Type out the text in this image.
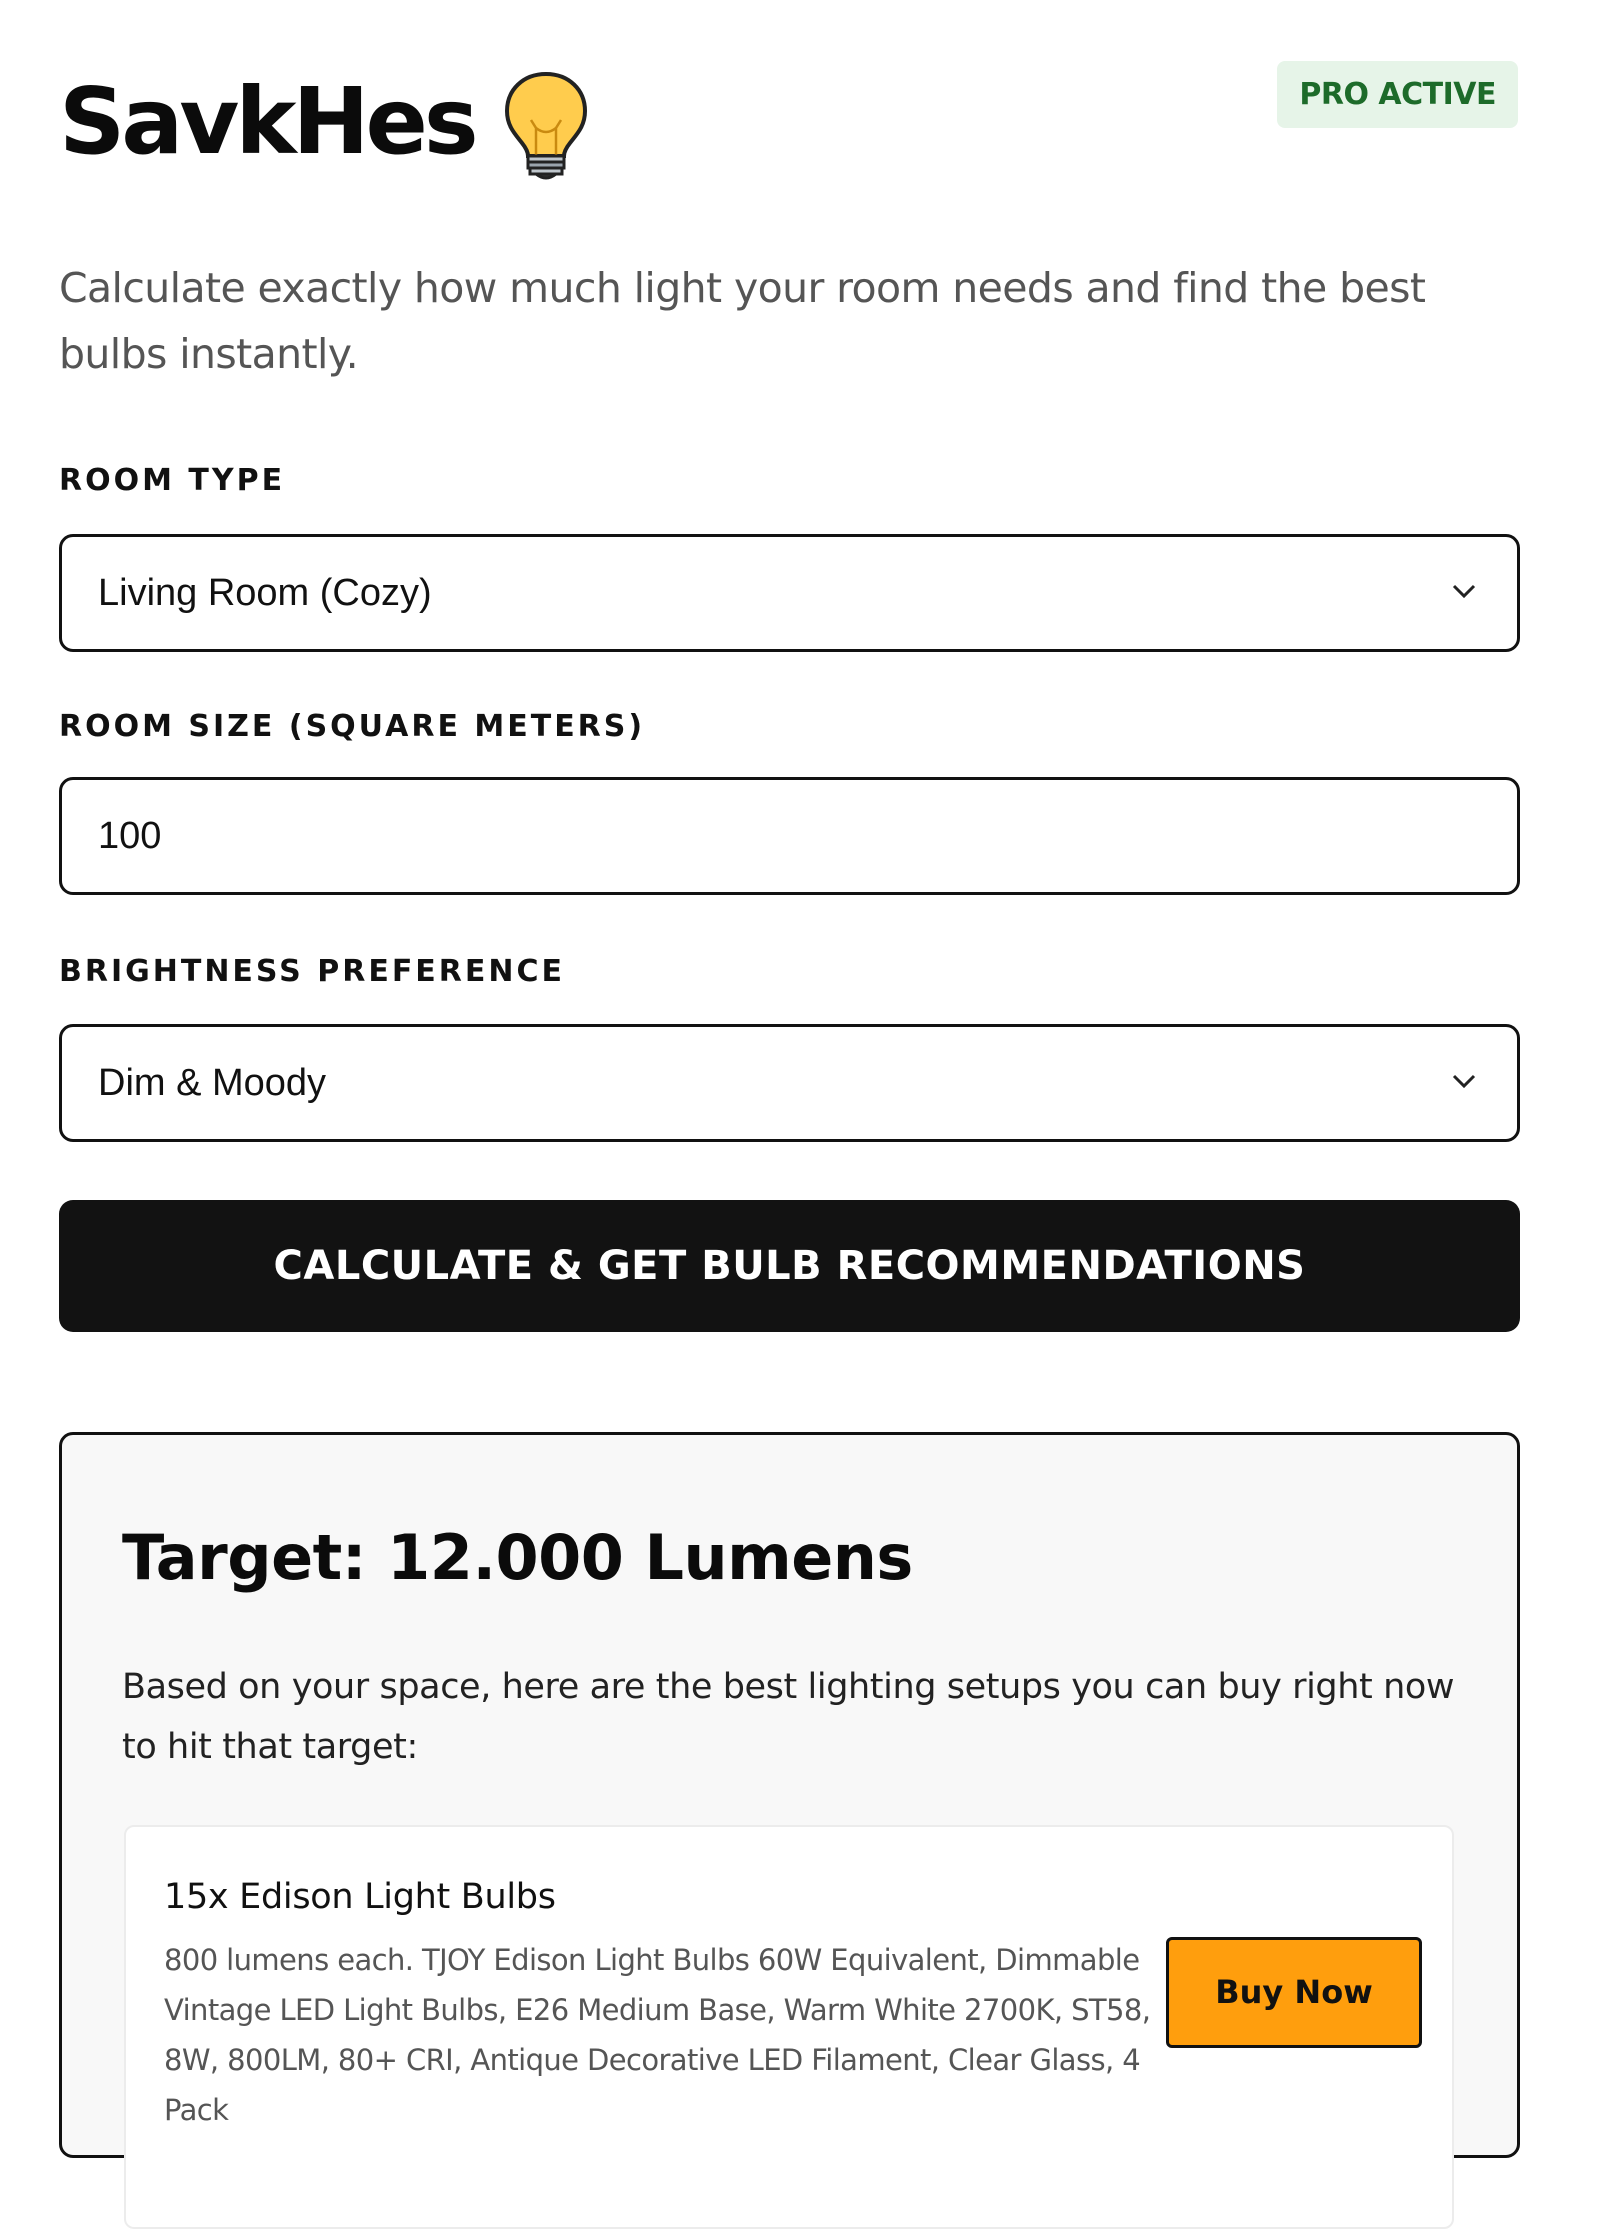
SavkHes	PRO ACTIVE
Calculate exactly how much light your room needs and find the best bulbs instantly.
ROOM TYPE
Living Room (Cozy)
ROOM SIZE (SQUARE METERS)
100
BRIGHTNESS PREFERENCE
Dim & Moody
CALCULATE & GET BULB RECOMMENDATIONS
Target: 12.000 Lumens
Based on your space, here are the best lighting setups you can buy right now to hit that target:
15x Edison Light Bulbs
800 lumens each. TJOY Edison Light Bulbs 60W Equivalent, Dimmable Vintage LED Light Bulbs, E26 Medium Base, Warm White 2700K, ST58, 8W, 800LM, 80+ CRI, Antique Decorative LED Filament, Clear Glass, 4 Pack
Buy Now
